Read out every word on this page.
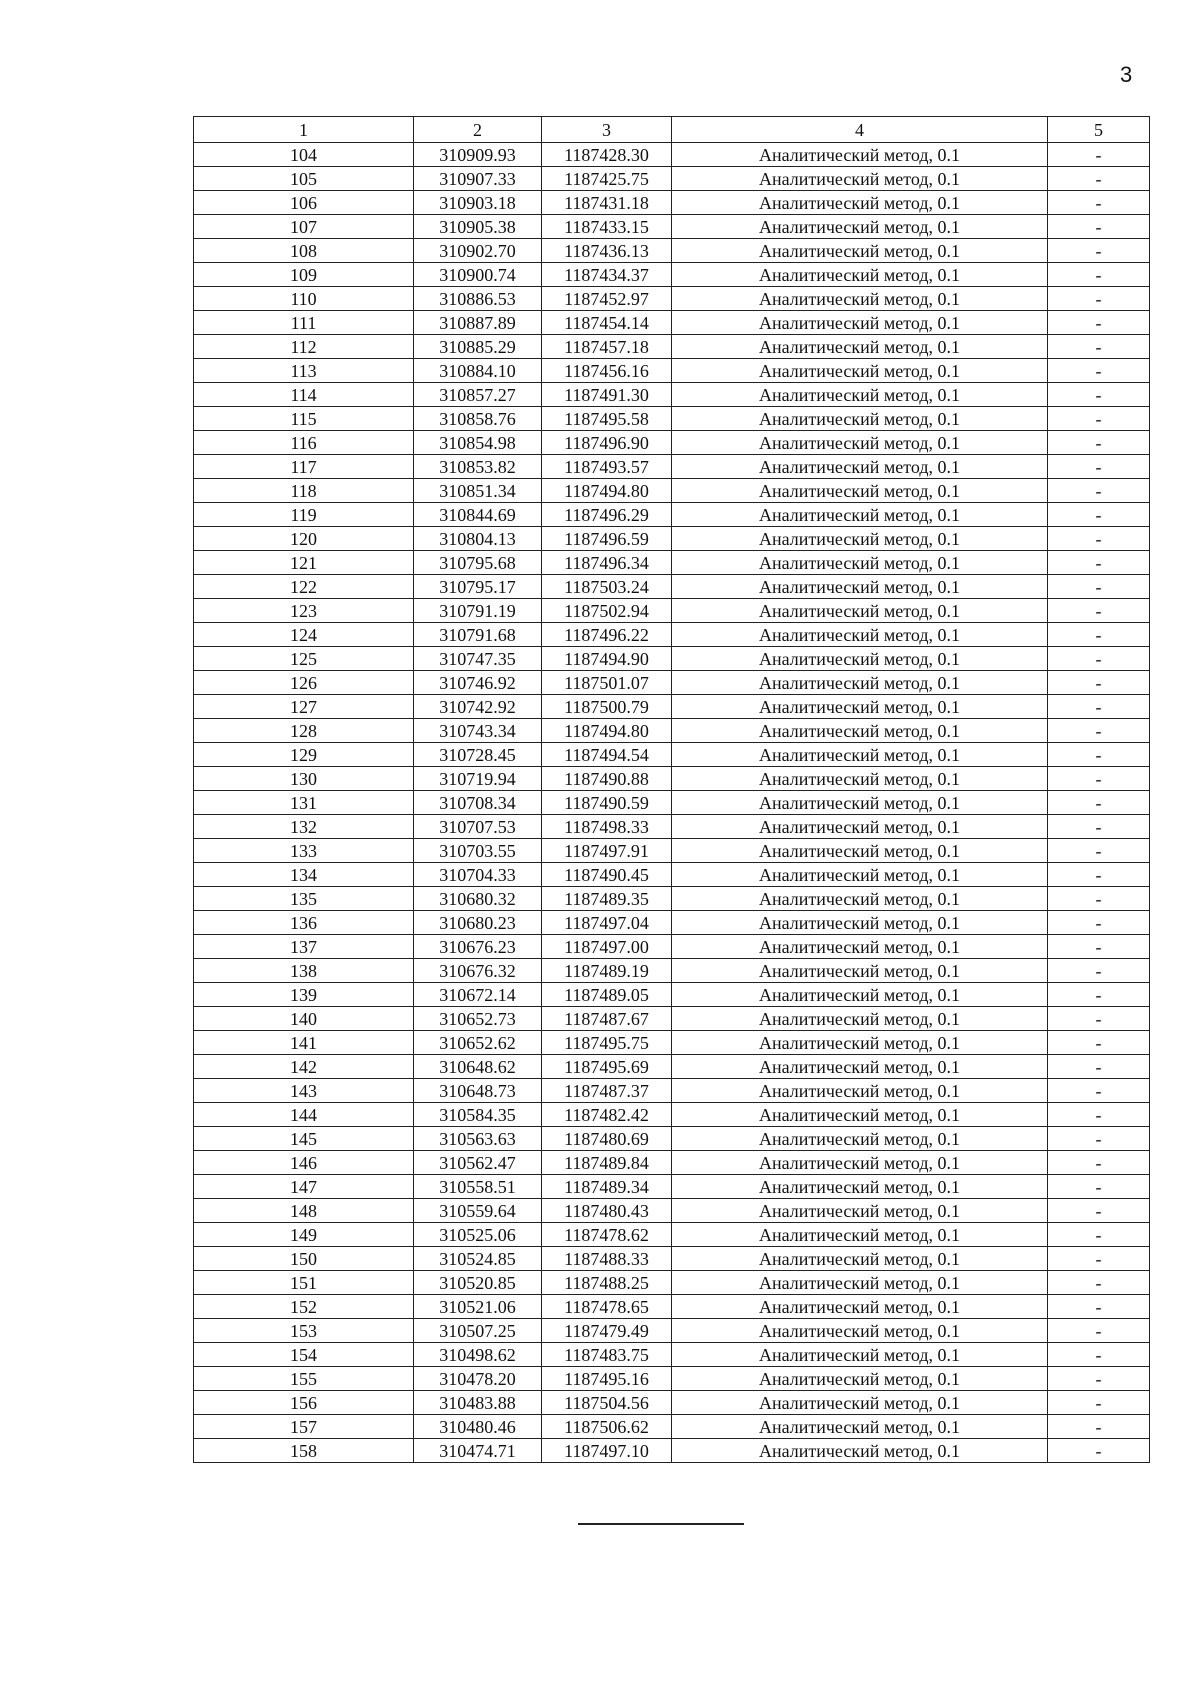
3
1	2	3	4	5
104	310909.93	1187428.30	Аналитический метод, 0.1	-
105	310907.33	1187425.75	Аналитический метод, 0.1	-
106	310903.18	1187431.18	Аналитический метод, 0.1	-
107	310905.38	1187433.15	Аналитический метод, 0.1	-
108	310902.70	1187436.13	Аналитический метод, 0.1	-
109	310900.74	1187434.37	Аналитический метод, 0.1	-
110	310886.53	1187452.97	Аналитический метод, 0.1	-
111	310887.89	1187454.14	Аналитический метод, 0.1	-
112	310885.29	1187457.18	Аналитический метод, 0.1	-
113	310884.10	1187456.16	Аналитический метод, 0.1	-
114	310857.27	1187491.30	Аналитический метод, 0.1	-
115	310858.76	1187495.58	Аналитический метод, 0.1	-
116	310854.98	1187496.90	Аналитический метод, 0.1	-
117	310853.82	1187493.57	Аналитический метод, 0.1	-
118	310851.34	1187494.80	Аналитический метод, 0.1	-
119	310844.69	1187496.29	Аналитический метод, 0.1	-
120	310804.13	1187496.59	Аналитический метод, 0.1	-
121	310795.68	1187496.34	Аналитический метод, 0.1	-
122	310795.17	1187503.24	Аналитический метод, 0.1	-
123	310791.19	1187502.94	Аналитический метод, 0.1	-
124	310791.68	1187496.22	Аналитический метод, 0.1	-
125	310747.35	1187494.90	Аналитический метод, 0.1	-
126	310746.92	1187501.07	Аналитический метод, 0.1	-
127	310742.92	1187500.79	Аналитический метод, 0.1	-
128	310743.34	1187494.80	Аналитический метод, 0.1	-
129	310728.45	1187494.54	Аналитический метод, 0.1	-
130	310719.94	1187490.88	Аналитический метод, 0.1	-
131	310708.34	1187490.59	Аналитический метод, 0.1	-
132	310707.53	1187498.33	Аналитический метод, 0.1	-
133	310703.55	1187497.91	Аналитический метод, 0.1	-
134	310704.33	1187490.45	Аналитический метод, 0.1	-
135	310680.32	1187489.35	Аналитический метод, 0.1	-
136	310680.23	1187497.04	Аналитический метод, 0.1	-
137	310676.23	1187497.00	Аналитический метод, 0.1	-
138	310676.32	1187489.19	Аналитический метод, 0.1	-
139	310672.14	1187489.05	Аналитический метод, 0.1	-
140	310652.73	1187487.67	Аналитический метод, 0.1	-
141	310652.62	1187495.75	Аналитический метод, 0.1	-
142	310648.62	1187495.69	Аналитический метод, 0.1	-
143	310648.73	1187487.37	Аналитический метод, 0.1	-
144	310584.35	1187482.42	Аналитический метод, 0.1	-
145	310563.63	1187480.69	Аналитический метод, 0.1	-
146	310562.47	1187489.84	Аналитический метод, 0.1	-
147	310558.51	1187489.34	Аналитический метод, 0.1	-
148	310559.64	1187480.43	Аналитический метод, 0.1	-
149	310525.06	1187478.62	Аналитический метод, 0.1	-
150	310524.85	1187488.33	Аналитический метод, 0.1	-
151	310520.85	1187488.25	Аналитический метод, 0.1	-
152	310521.06	1187478.65	Аналитический метод, 0.1	-
153	310507.25	1187479.49	Аналитический метод, 0.1	-
154	310498.62	1187483.75	Аналитический метод, 0.1	-
155	310478.20	1187495.16	Аналитический метод, 0.1	-
156	310483.88	1187504.56	Аналитический метод, 0.1	-
157	310480.46	1187506.62	Аналитический метод, 0.1	-
158	310474.71	1187497.10	Аналитический метод, 0.1	-
